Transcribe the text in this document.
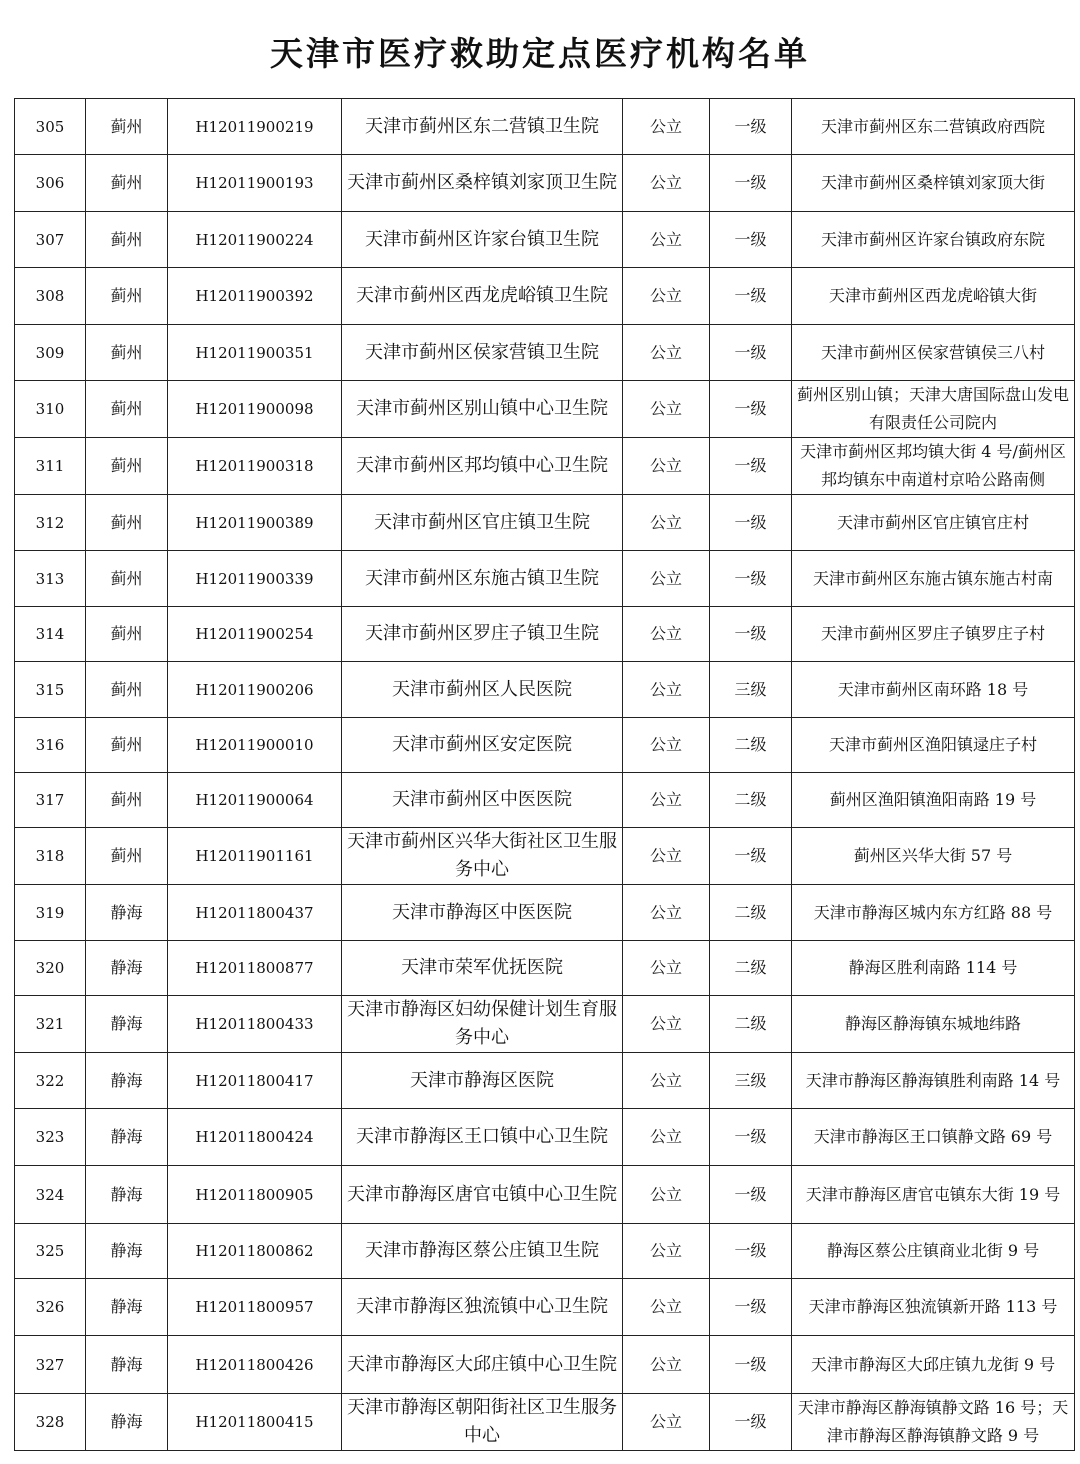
天津市医疗救助定点医疗机构名单
305	蓟州	H12011900219	天津市蓟州区东二营镇卫生院	公立	一级	天津市蓟州区东二营镇政府西院
306	蓟州	H12011900193	天津市蓟州区桑梓镇刘家顶卫生院	公立	一级	天津市蓟州区桑梓镇刘家顶大街
307	蓟州	H12011900224	天津市蓟州区许家台镇卫生院	公立	一级	天津市蓟州区许家台镇政府东院
308	蓟州	H12011900392	天津市蓟州区西龙虎峪镇卫生院	公立	一级	天津市蓟州区西龙虎峪镇大街
309	蓟州	H12011900351	天津市蓟州区侯家营镇卫生院	公立	一级	天津市蓟州区侯家营镇侯三八村
310	蓟州	H12011900098	天津市蓟州区别山镇中心卫生院	公立	一级	蓟州区别山镇；天津大唐国际盘山发电有限责任公司院内
311	蓟州	H12011900318	天津市蓟州区邦均镇中心卫生院	公立	一级	天津市蓟州区邦均镇大街 4 号/蓟州区邦均镇东中南道村京哈公路南侧
312	蓟州	H12011900389	天津市蓟州区官庄镇卫生院	公立	一级	天津市蓟州区官庄镇官庄村
313	蓟州	H12011900339	天津市蓟州区东施古镇卫生院	公立	一级	天津市蓟州区东施古镇东施古村南
314	蓟州	H12011900254	天津市蓟州区罗庄子镇卫生院	公立	一级	天津市蓟州区罗庄子镇罗庄子村
315	蓟州	H12011900206	天津市蓟州区人民医院	公立	三级	天津市蓟州区南环路 18 号
316	蓟州	H12011900010	天津市蓟州区安定医院	公立	二级	天津市蓟州区渔阳镇逯庄子村
317	蓟州	H12011900064	天津市蓟州区中医医院	公立	二级	蓟州区渔阳镇渔阳南路 19 号
318	蓟州	H12011901161	天津市蓟州区兴华大街社区卫生服务中心	公立	一级	蓟州区兴华大街 57 号
319	静海	H12011800437	天津市静海区中医医院	公立	二级	天津市静海区城内东方红路 88 号
320	静海	H12011800877	天津市荣军优抚医院	公立	二级	静海区胜利南路 114 号
321	静海	H12011800433	天津市静海区妇幼保健计划生育服务中心	公立	二级	静海区静海镇东城地纬路
322	静海	H12011800417	天津市静海区医院	公立	三级	天津市静海区静海镇胜利南路 14 号
323	静海	H12011800424	天津市静海区王口镇中心卫生院	公立	一级	天津市静海区王口镇静文路 69 号
324	静海	H12011800905	天津市静海区唐官屯镇中心卫生院	公立	一级	天津市静海区唐官屯镇东大街 19 号
325	静海	H12011800862	天津市静海区蔡公庄镇卫生院	公立	一级	静海区蔡公庄镇商业北街 9 号
326	静海	H12011800957	天津市静海区独流镇中心卫生院	公立	一级	天津市静海区独流镇新开路 113 号
327	静海	H12011800426	天津市静海区大邱庄镇中心卫生院	公立	一级	天津市静海区大邱庄镇九龙街 9 号
328	静海	H12011800415	天津市静海区朝阳街社区卫生服务中心	公立	一级	天津市静海区静海镇静文路 16 号；天津市静海区静海镇静文路 9 号
